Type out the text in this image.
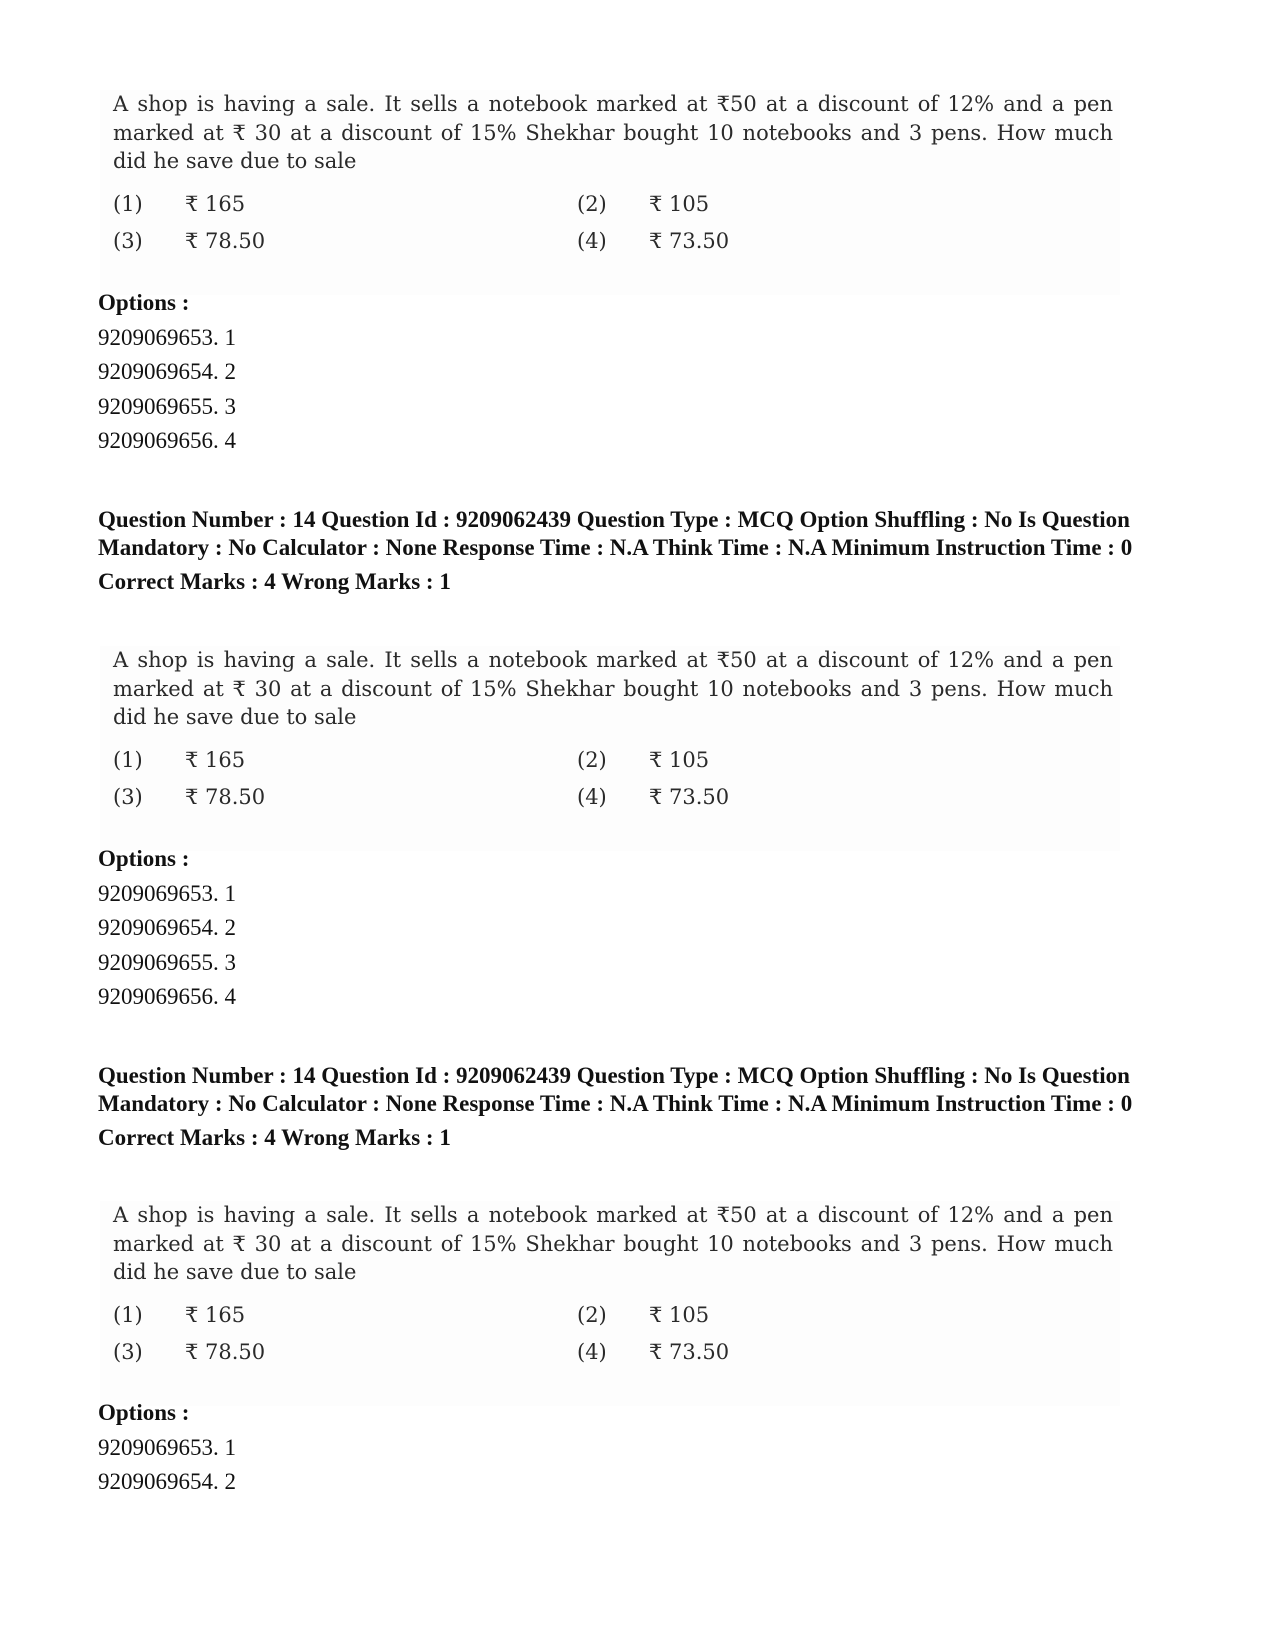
A shop is having a sale. It sells a notebook marked at ₹50 at a discount of 12% and a pen marked at ₹ 30 at a discount of 15% Shekhar bought 10 notebooks and 3 pens. How much did he save due to sale

(1) ₹ 165	(2) ₹ 105
(3) ₹ 78.50	(4) ₹ 73.50
Options :
9209069653. 1
9209069654. 2
9209069655. 3
9209069656. 4

Question Number : 14 Question Id : 9209062439 Question Type : MCQ Option Shuffling : No Is Question Mandatory : No Calculator : None Response Time : N.A Think Time : N.A Minimum Instruction Time : 0

Correct Marks : 4 Wrong Marks : 1

A shop is having a sale. It sells a notebook marked at ₹50 at a discount of 12% and a pen marked at ₹ 30 at a discount of 15% Shekhar bought 10 notebooks and 3 pens. How much did he save due to sale

(1) ₹ 165	(2) ₹ 105
(3) ₹ 78.50	(4) ₹ 73.50
Options :
9209069653. 1
9209069654. 2
9209069655. 3
9209069656. 4

Question Number : 14 Question Id : 9209062439 Question Type : MCQ Option Shuffling : No Is Question Mandatory : No Calculator : None Response Time : N.A Think Time : N.A Minimum Instruction Time : 0

Correct Marks : 4 Wrong Marks : 1

A shop is having a sale. It sells a notebook marked at ₹50 at a discount of 12% and a pen marked at ₹ 30 at a discount of 15% Shekhar bought 10 notebooks and 3 pens. How much did he save due to sale

(1) ₹ 165	(2) ₹ 105
(3) ₹ 78.50	(4) ₹ 73.50
Options :
9209069653. 1
9209069654. 2
